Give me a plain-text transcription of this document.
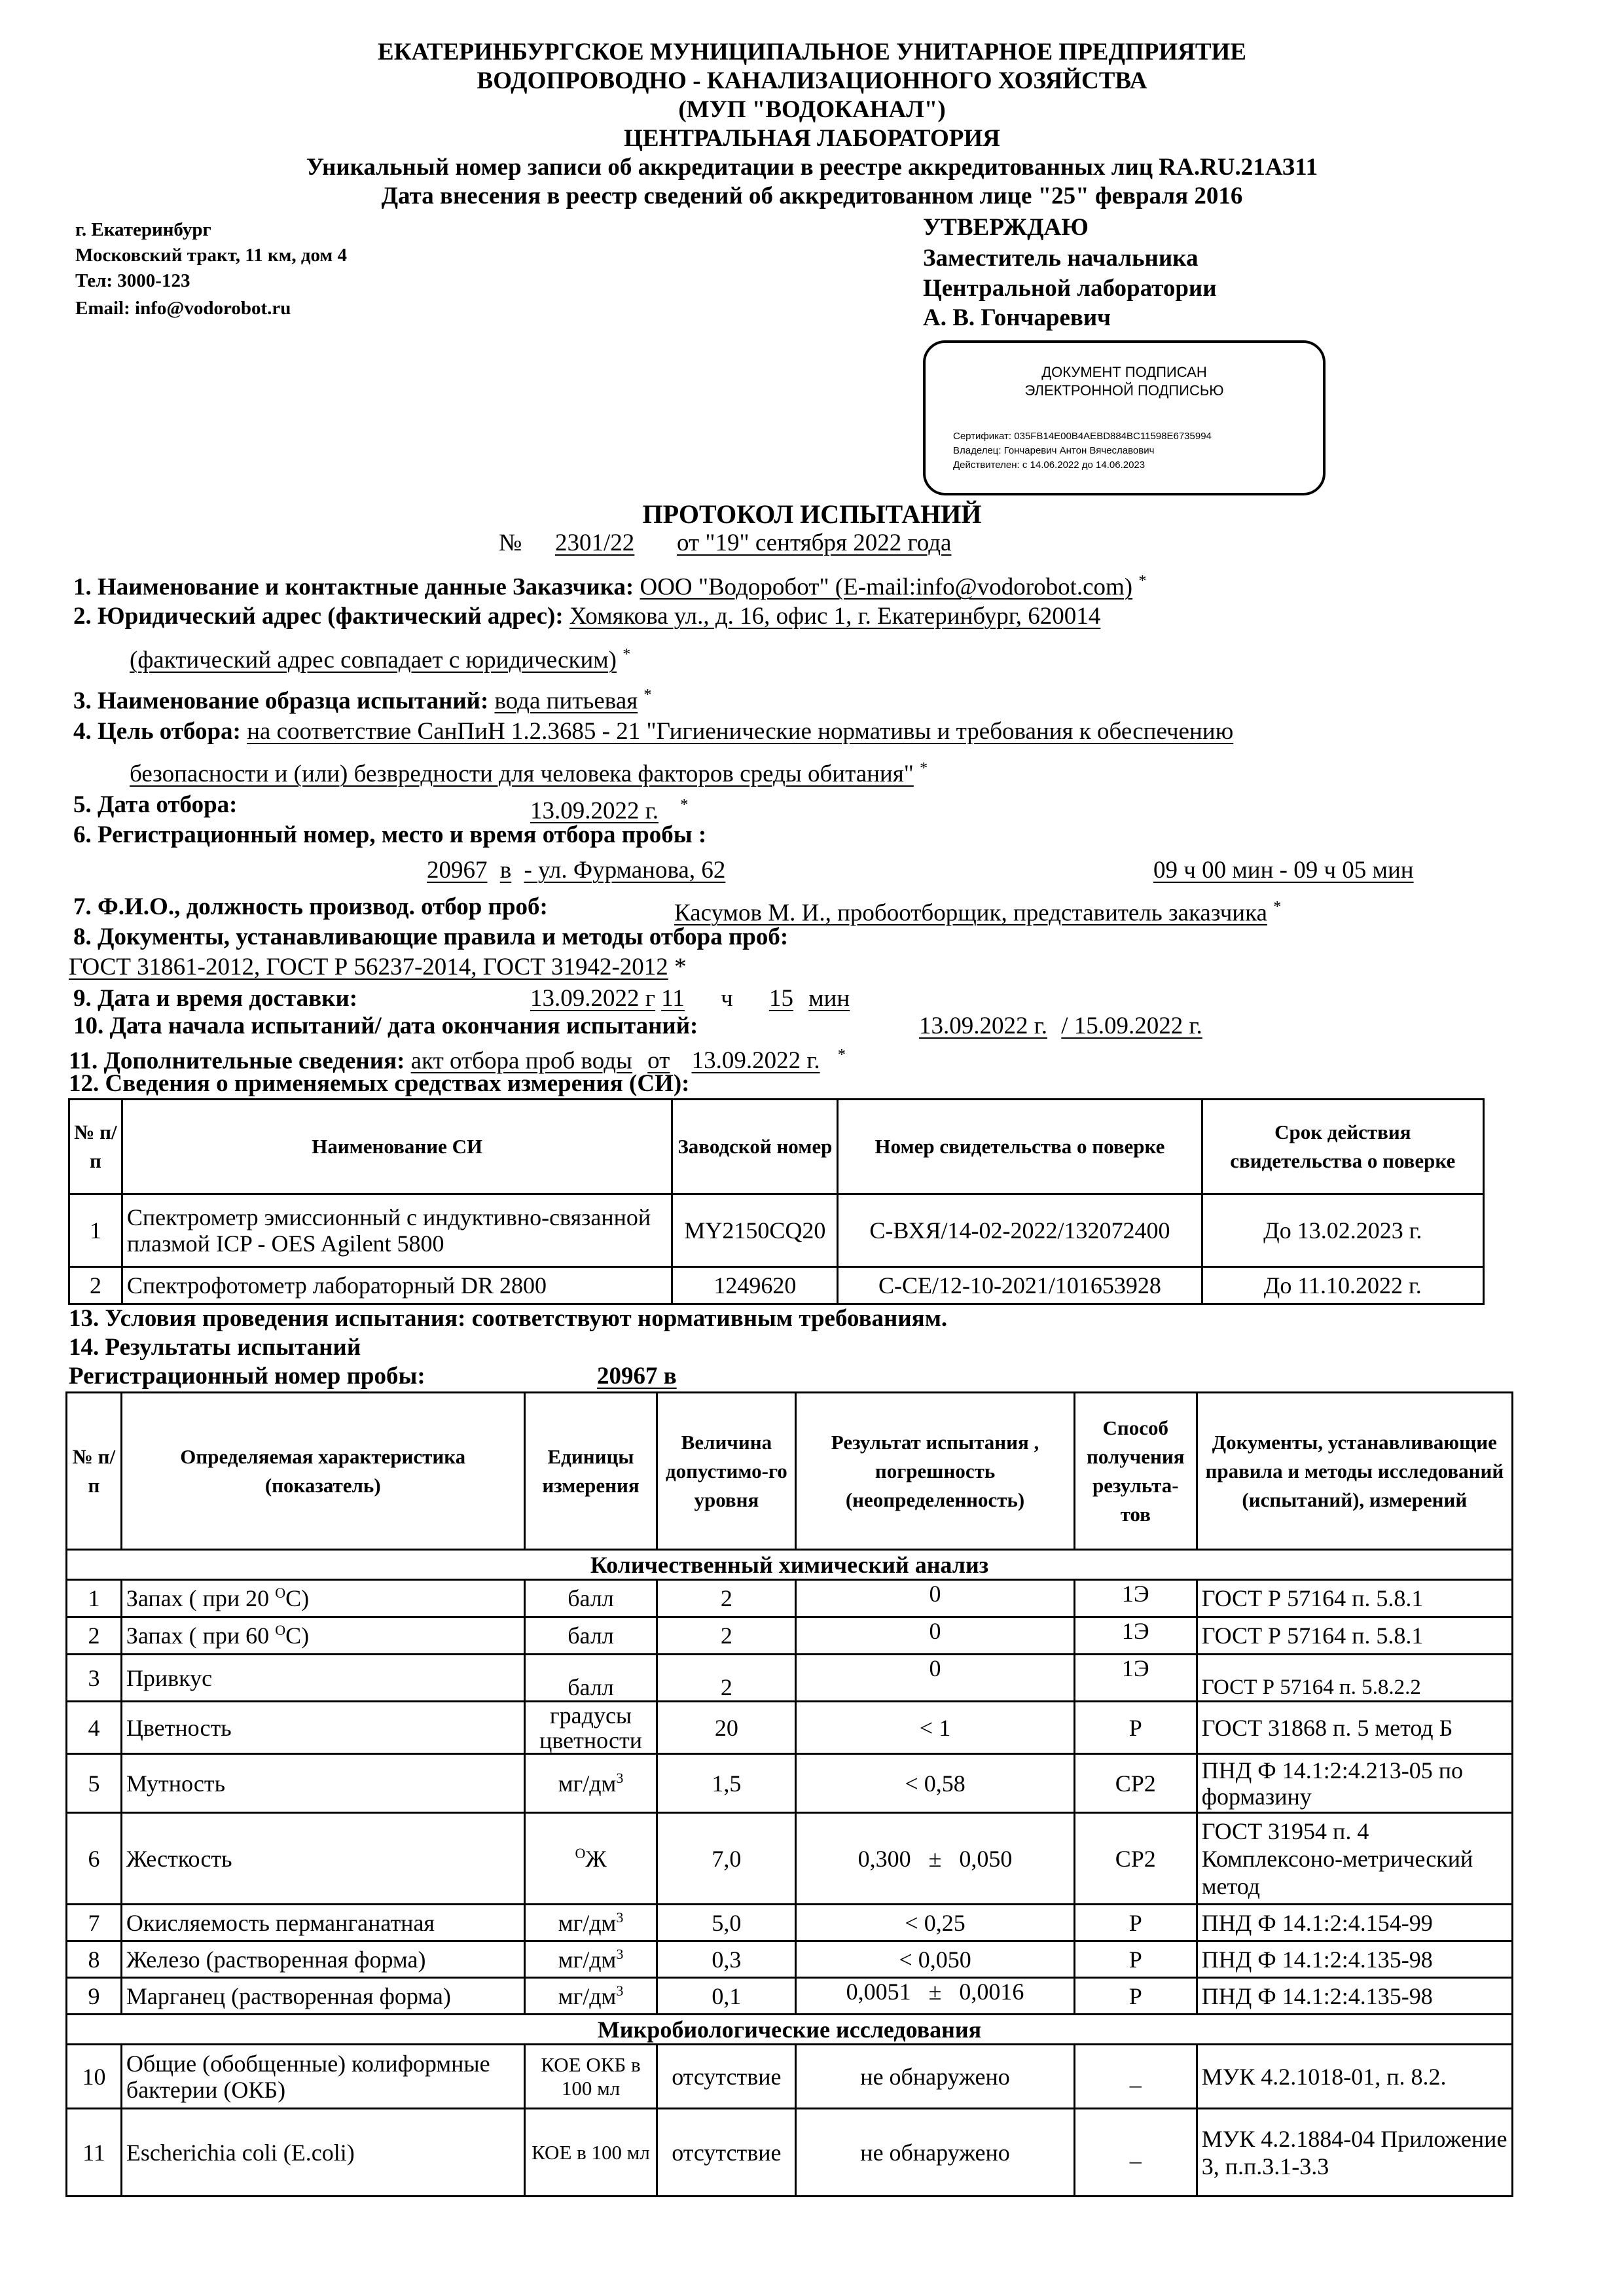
ЕКАТЕРИНБУРГСКОЕ МУНИЦИПАЛЬНОЕ УНИТАРНОЕ ПРЕДПРИЯТИЕ
ВОДОПРОВОДНО - КАНАЛИЗАЦИОННОГО ХОЗЯЙСТВА
(МУП "ВОДОКАНАЛ")
ЦЕНТРАЛЬНАЯ ЛАБОРАТОРИЯ
Уникальный номер записи об аккредитации в реестре аккредитованных лиц RA.RU.21АЗ11
Дата внесения в реестр сведений об аккредитованном лице "25" февраля 2016
г. Екатеринбург
Московский тракт, 11 км, дом 4
Тел: 3000-123
Email: info@vodorobot.ru
УТВЕРЖДАЮ
Заместитель начальника
Центральной лаборатории
А. В. Гончаревич
ДОКУМЕНТ ПОДПИСАН
ЭЛЕКТРОННОЙ ПОДПИСЬЮ
Сертификат: 035FB14E00B4AEBD884BC11598E6735994
Владелец: Гончаревич Антон Вячеславович
Действителен: с 14.06.2022 до 14.06.2023
ПРОТОКОЛ ИСПЫТАНИЙ
№ 2301/22 от "19" сентября 2022 года
1. Наименование и контактные данные Заказчика: ООО "Водоробот" (E-mail:info@vodorobot.com) *
2. Юридический адрес (фактический адрес): Хомякова ул., д. 16, офис 1, г. Екатеринбург, 620014
(фактический адрес совпадает с юридическим) *
3. Наименование образца испытаний: вода питьевая *
4. Цель отбора: на соответствие СанПиН 1.2.3685 - 21 "Гигиенические нормативы и требования к обеспечению
безопасности и (или) безвредности для человека факторов среды обитания" *
5. Дата отбора:	13.09.2022 г. *
6. Регистрационный номер, место и время отбора пробы :
20967 в - ул. Фурманова, 62	09 ч 00 мин - 09 ч 05 мин
7. Ф.И.О., должность производ. отбор проб:	Касумов М. И., пробоотборщик, представитель заказчика *
8. Документы, устанавливающие правила и методы отбора проб:
ГОСТ 31861-2012, ГОСТ Р 56237-2014, ГОСТ 31942-2012 *
9. Дата и время доставки:	13.09.2022 г 11 ч 15 мин
10. Дата начала испытаний/ дата окончания испытаний:	13.09.2022 г. / 15.09.2022 г.
11. Дополнительные сведения: акт отбора проб воды от 13.09.2022 г. *
12. Сведения о применяемых средствах измерения (СИ):
№ п/п	Наименование СИ	Заводской номер	Номер свидетельства о поверке	Срок действия свидетельства о поверке
1	Спектрометр эмиссионный с индуктивно-связанной плазмой ICP - OES Agilent 5800	MY2150CQ20	С-ВХЯ/14-02-2022/132072400	До 13.02.2023 г.
2	Спектрофотометр лабораторный DR 2800	1249620	С-СЕ/12-10-2021/101653928	До 11.10.2022 г.
13. Условия проведения испытания: соответствуют нормативным требованиям.
14. Результаты испытаний
Регистрационный номер пробы:	20967 в
№ п/п	Определяемая характеристика (показатель)	Единицы измерения	Величина допустимо-го уровня	Результат испытания , погрешность (неопределенность)	Способ получения результа-тов	Документы, устанавливающие правила и методы исследований (испытаний), измерений
Количественный химический анализ						
1	Запах ( при 20 $^О$С)	балл	2	0	1Э	ГОСТ Р 57164 п. 5.8.1
2	Запах ( при 60 $^О$С)	балл	2	0	1Э	ГОСТ Р 57164 п. 5.8.1
3	Привкус	балл	2	0	1Э	ГОСТ Р 57164 п. 5.8.2.2
4	Цветность	градусы цветности	20	< 1	Р	ГОСТ 31868 п. 5 метод Б
5	Мутность	$мг/дм^3$	1,5	< 0,58	СР2	ПНД Ф 14.1:2:4.213-05 по формазину
6	Жесткость	$^О$Ж	7,0	0,300   ±   0,050	СР2	ГОСТ 31954 п. 4 Комплексоно-метрический метод
7	Окисляемость перманганатная	$мг/дм^3$	5,0	< 0,25	Р	ПНД Ф 14.1:2:4.154-99
8	Железо (растворенная форма)	$мг/дм^3$	0,3	< 0,050	Р	ПНД Ф 14.1:2:4.135-98
9	Марганец (растворенная форма)	$мг/дм^3$	0,1	0,0051   ±   0,0016	Р	ПНД Ф 14.1:2:4.135-98
Микробиологические исследования						
10	Общие (обобщенные) колиформные бактерии (ОКБ)	КОЕ ОКБ в 100 мл	отсутствие	не обнаружено	_	МУК 4.2.1018-01, п. 8.2.
11	Escherichia coli (E.coli)	КОЕ в 100 мл	отсутствие	не обнаружено	_	МУК 4.2.1884-04 Приложение 3, п.п.3.1-3.3
